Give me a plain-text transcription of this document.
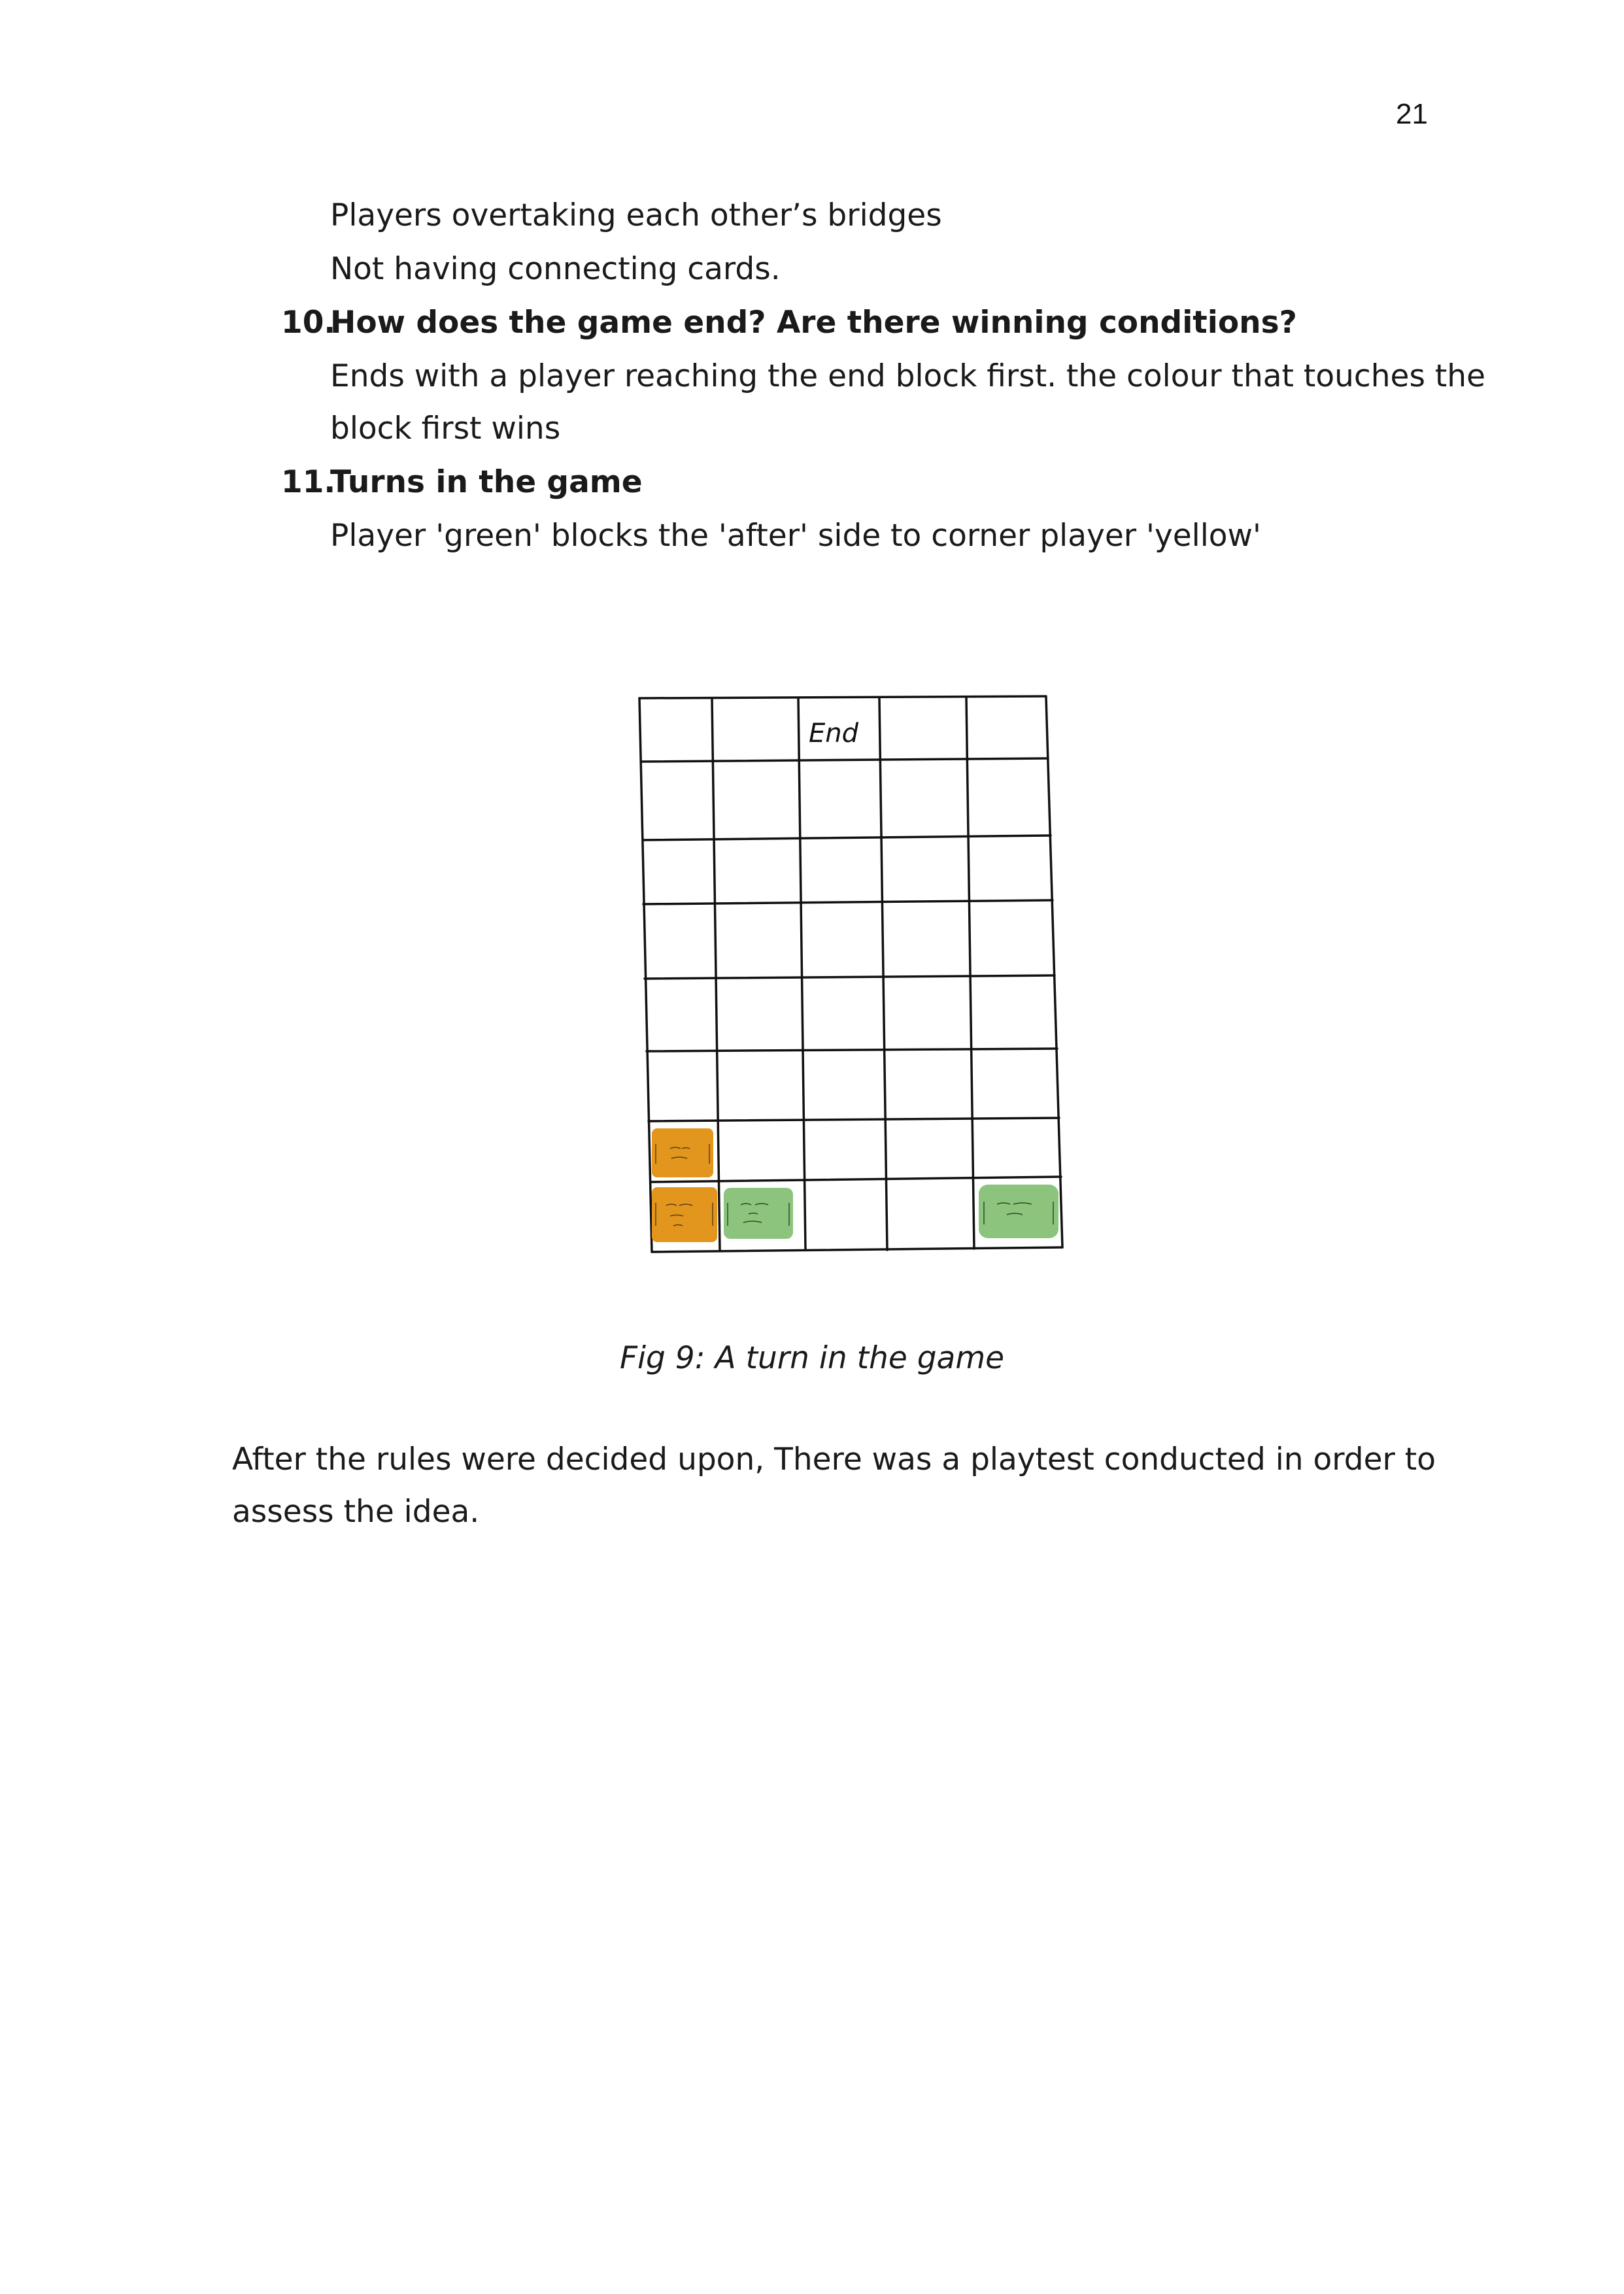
21
Players overtaking each other’s bridges
Not having connecting cards.
10.How does the game end? Are there winning conditions?
Ends with a player reaching the end block first. the colour that touches the
block first wins
11.Turns in the game
Player 'green' blocks the 'after' side to corner player 'yellow'
End
Fig 9: A turn in the game
After the rules were decided upon, There was a playtest conducted in order to
assess the idea.
